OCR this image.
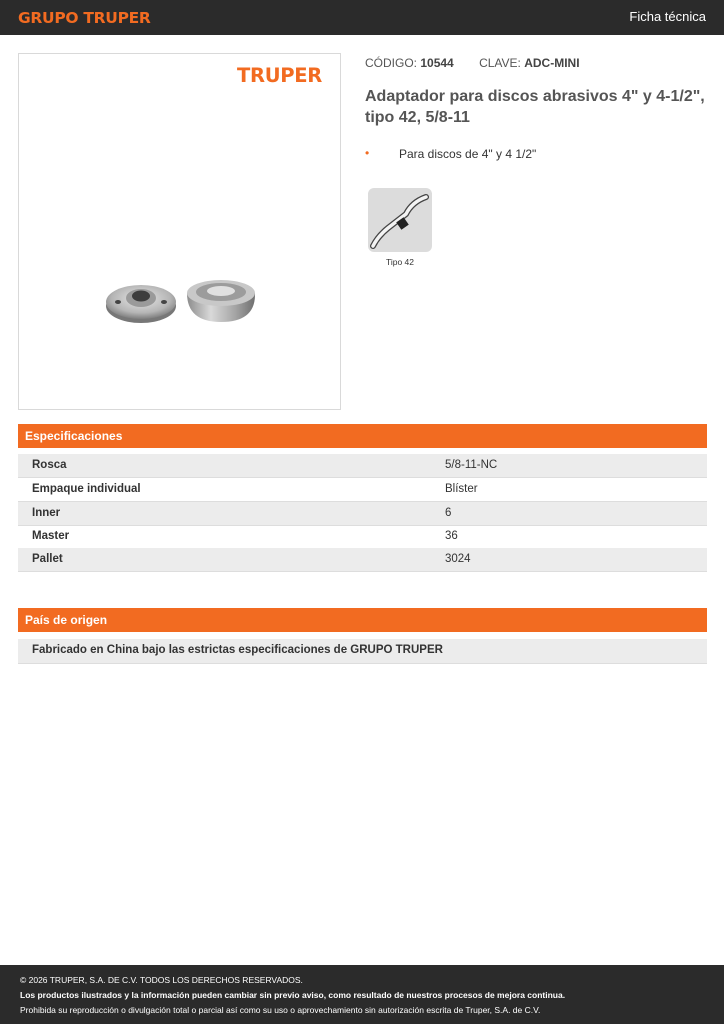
GRUPO TRUPER	Ficha técnica
TRUPER
CÓDIGO: 10544 CLAVE: ADC-MINI
Adaptador para discos abrasivos 4" y 4-1/2", tipo 42, 5/8-11
• Para discos de 4" y 4 1/2"
Tipo 42
Especificaciones
Rosca	5/8-11-NC
Empaque individual	Blíster
Inner	6
Master	36
Pallet	3024
País de origen
Fabricado en China bajo las estrictas especificaciones de GRUPO TRUPER
© 2026 TRUPER, S.A. DE C.V. TODOS LOS DERECHOS RESERVADOS.
Los productos ilustrados y la información pueden cambiar sin previo aviso, como resultado de nuestros procesos de mejora continua.
Prohibida su reproducción o divulgación total o parcial así como su uso o aprovechamiento sin autorización escrita de Truper, S.A. de C.V.
